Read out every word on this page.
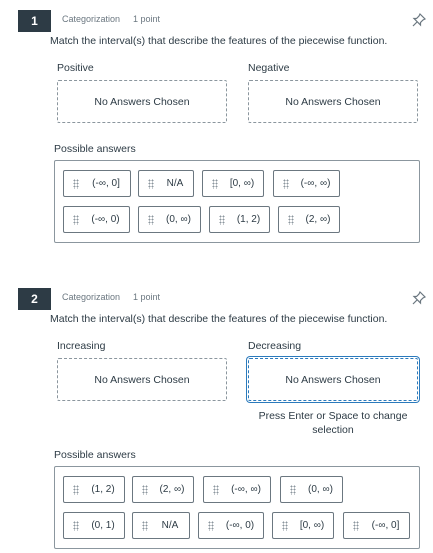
1	Categorization 1 point
Match the interval(s) that describe the features of the piecewise function.
Positive
No Answers Chosen
Negative
No Answers Chosen
Possible answers
(-∞, 0]	N/A	[0, ∞)	(-∞, ∞)
(-∞, 0)	(0, ∞)	(1, 2)	(2, ∞)
2	Categorization 1 point
Match the interval(s) that describe the features of the piecewise function.
Increasing
No Answers Chosen
Decreasing
No Answers Chosen
Press Enter or Space to change selection
Possible answers
(1, 2)	(2, ∞)	(-∞, ∞)	(0, ∞)
(0, 1)	N/A	(-∞, 0)	[0, ∞)	(-∞, 0]
